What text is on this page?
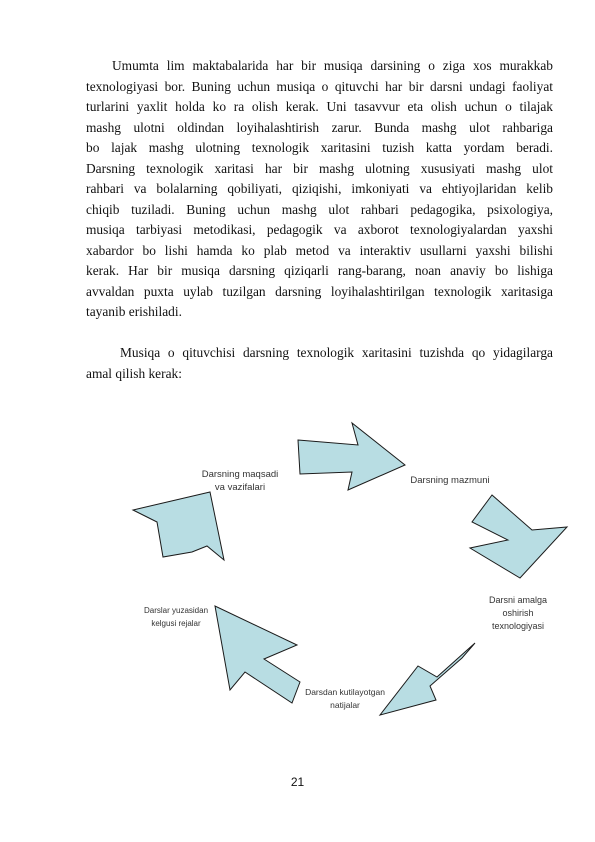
Umumta lim maktabalarida har bir musiqa darsining o ziga xos murakkab
texnologiyasi bor. Buning uchun musiqa o qituvchi har bir darsni undagi faoliyat
turlarini yaxlit holda ko ra olish kerak. Uni tasavvur eta olish uchun o tilajak
mashg ulotni oldindan loyihalashtirish zarur. Bunda mashg ulot rahbariga
bo lajak mashg ulotning texnologik xaritasini tuzish katta yordam beradi.
Darsning texnologik xaritasi har bir mashg ulotning xususiyati mashg ulot
rahbari va bolalarning qobiliyati, qiziqishi, imkoniyati va ehtiyojlaridan kelib
chiqib tuziladi. Buning uchun mashg ulot rahbari pedagogika, psixologiya,
musiqa tarbiyasi metodikasi, pedagogik va axborot texnologiyalardan yaxshi
xabardor bo lishi hamda ko plab metod va interaktiv usullarni yaxshi bilishi
kerak. Har bir musiqa darsning qiziqarli rang-barang, noan anaviy bo lishiga
avvaldan puxta uylab tuzilgan darsning loyihalashtirilgan texnologik xaritasiga
tayanib erishiladi.
Musiqa o qituvchisi darsning texnologik xaritasini tuzishda qo yidagilarga
amal qilish kerak:
Darsning maqsadi
va vazifalari
Darsning mazmuni
Darsni amalga
oshirish
texnologiyasi
Darsdan kutilayotgan
natijalar
Darslar yuzasidan
kelgusi rejalar
21
